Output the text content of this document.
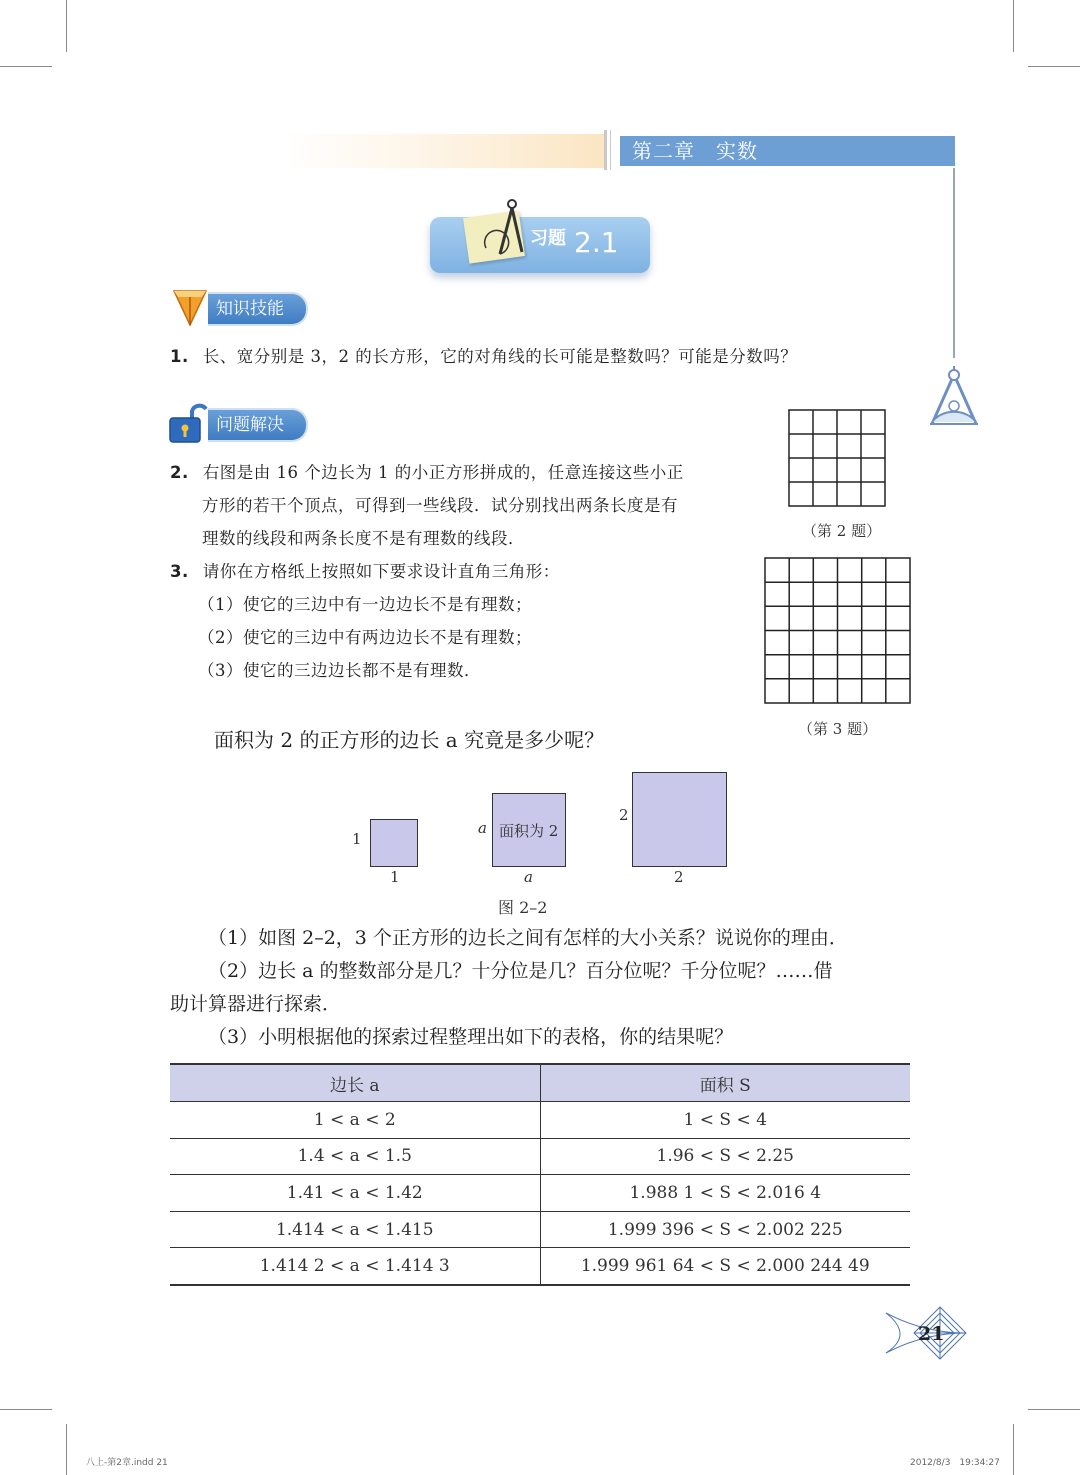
第二章　实数
习题 2.1
知识技能
1. 长、宽分别是 3，2 的长方形，它的对角线的长可能是整数吗？可能是分数吗？
问题解决
2. 右图是由 16 个边长为 1 的小正方形拼成的，任意连接这些小正
方形的若干个顶点，可得到一些线段．试分别找出两条长度是有
理数的线段和两条长度不是有理数的线段．
3. 请你在方格纸上按照如下要求设计直角三角形：
（1）使它的三边中有一边边长不是有理数；
（2）使它的三边中有两边边长不是有理数；
（3）使它的三边边长都不是有理数．
（第 2 题）
（第 3 题）
面积为 2 的正方形的边长 a 究竟是多少呢？
1
1
a 面积为 2
a
2
2
图 2–2
（1）如图 2–2，3 个正方形的边长之间有怎样的大小关系？说说你的理由．
（2）边长 a 的整数部分是几？十分位是几？百分位呢？千分位呢？……借
助计算器进行探索．
（3）小明根据他的探索过程整理出如下的表格，你的结果呢？
边长 a	面积 S
1 < a < 2	1 < S < 4
1.4 < a < 1.5	1.96 < S < 2.25
1.41 < a < 1.42	1.988 1 < S < 2.016 4
1.414 < a < 1.415	1.999 396 < S < 2.002 225
1.414 2 < a < 1.414 3	1.999 961 64 < S < 2.000 244 49
21
八上-第2章.indd 21	2012/8/3　19:34:27
